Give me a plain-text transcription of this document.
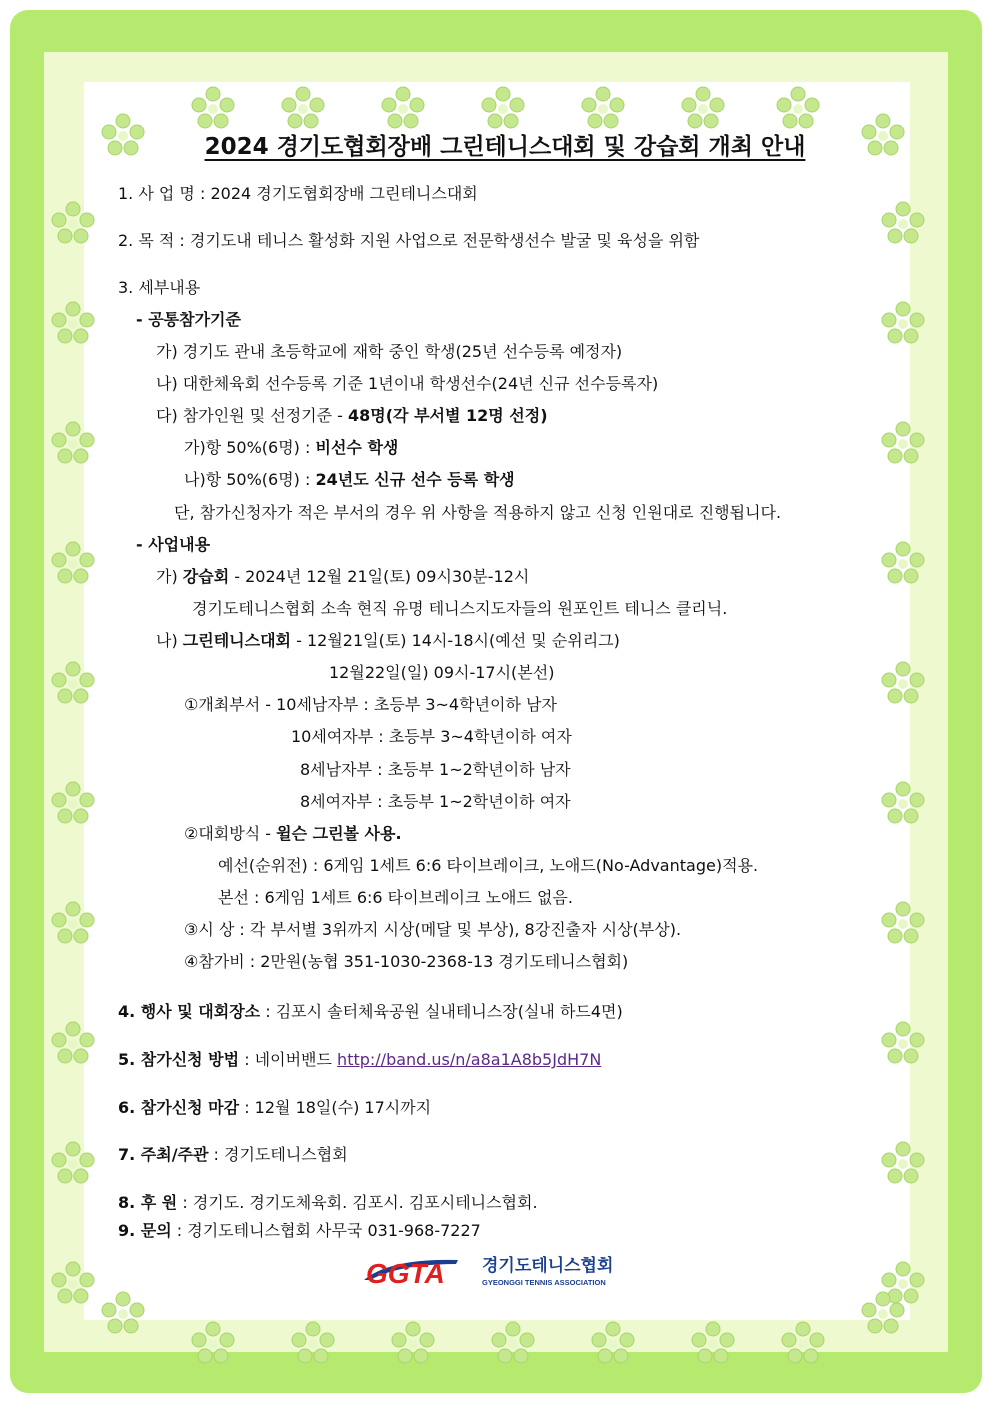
2024 경기도협회장배 그린테니스대회 및 강습회 개최 안내
1. 사 업 명 : 2024 경기도협회장배 그린테니스대회
2. 목 적 : 경기도내 테니스 활성화 지원 사업으로 전문학생선수 발굴 및 육성을 위함
3. 세부내용
- 공통참가기준
가) 경기도 관내 초등학교에 재학 중인 학생(25년 선수등록 예정자)
나) 대한체육회 선수등록 기준 1년이내 학생선수(24년 신규 선수등록자)
다) 참가인원 및 선정기준 - 48명(각 부서별 12명 선정)
가)항 50%(6명) : 비선수 학생
나)항 50%(6명) : 24년도 신규 선수 등록 학생
단, 참가신청자가 적은 부서의 경우 위 사항을 적용하지 않고 신청 인원대로 진행됩니다.
- 사업내용
가) 강습회 - 2024년 12월 21일(토) 09시30분-12시
경기도테니스협회 소속 현직 유명 테니스지도자들의 원포인트 테니스 클리닉.
나) 그린테니스대회 - 12월21일(토) 14시-18시(예선 및 순위리그)
12월22일(일) 09시-17시(본선)
①개최부서 - 10세남자부 : 초등부 3~4학년이하 남자
10세여자부 : 초등부 3~4학년이하 여자
8세남자부 : 초등부 1~2학년이하 남자
8세여자부 : 초등부 1~2학년이하 여자
②대회방식 - 윌슨 그린볼 사용.
예선(순위전) : 6게임 1세트 6:6 타이브레이크, 노애드(No-Advantage)적용.
본선 : 6게임 1세트 6:6 타이브레이크 노애드 없음.
③시 상 : 각 부서별 3위까지 시상(메달 및 부상), 8강진출자 시상(부상).
④참가비 : 2만원(농협 351-1030-2368-13 경기도테니스협회)
4. 행사 및 대회장소 : 김포시 솔터체육공원 실내테니스장(실내 하드4면)
5. 참가신청 방법 : 네이버밴드 http://band.us/n/a8a1A8b5JdH7N
6. 참가신청 마감 : 12월 18일(수) 17시까지
7. 주최/주관 : 경기도테니스협회
8. 후 원 : 경기도. 경기도체육회. 김포시. 김포시테니스협회.
9. 문의 : 경기도테니스협회 사무국 031-968-7227
GGTA 경기도테니스협회
GYEONGGI TENNIS ASSOCIATION
